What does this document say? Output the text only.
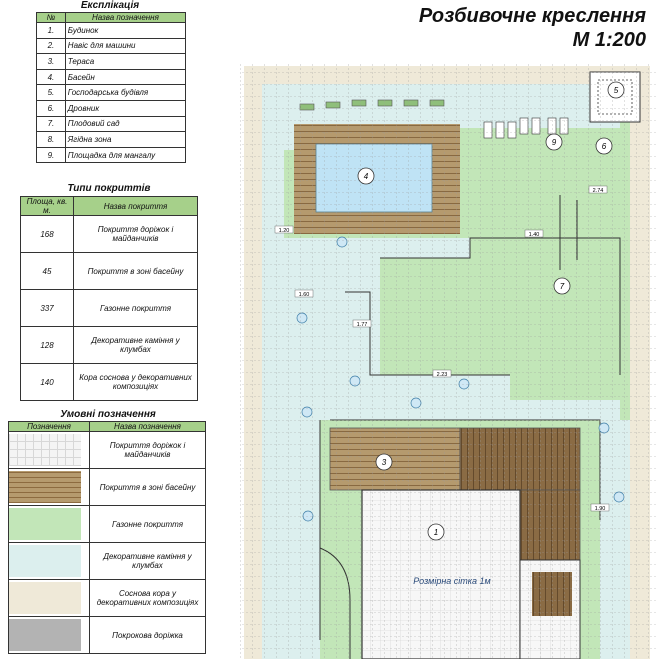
Розбивочне креслення
М 1:200
Експлікація
№	Назва позначення
1.	Будинок
2.	Навіс для машини
3.	Тераса
4.	Басейн
5.	Господарська будівля
6.	Дровник
7.	Плодовий сад
8.	Ягідна зона
9.	Площадка для мангалу
Типи покриттів
Площа, кв. м.	Назва покриття
168	Покриття доріжок і майданчиків
45	Покриття в зоні басейну
337	Газонне покриття
128	Декоративне каміння у клумбах
140	Кора соснова у декоративних композиціях
Умовні позначення
Позначення	Назва позначення

	Покриття доріжок і майданчиків

	Покриття в зоні басейну

	Газонне покриття

	Декоративне каміння у клумбах

	Соснова кора у декоративних композиціях

	Покрокова доріжка
1.20
1.60
1.77
2.23
1.90
2.74
1.40
1
3
4
5
6
7
9
Розмірна сітка 1м
